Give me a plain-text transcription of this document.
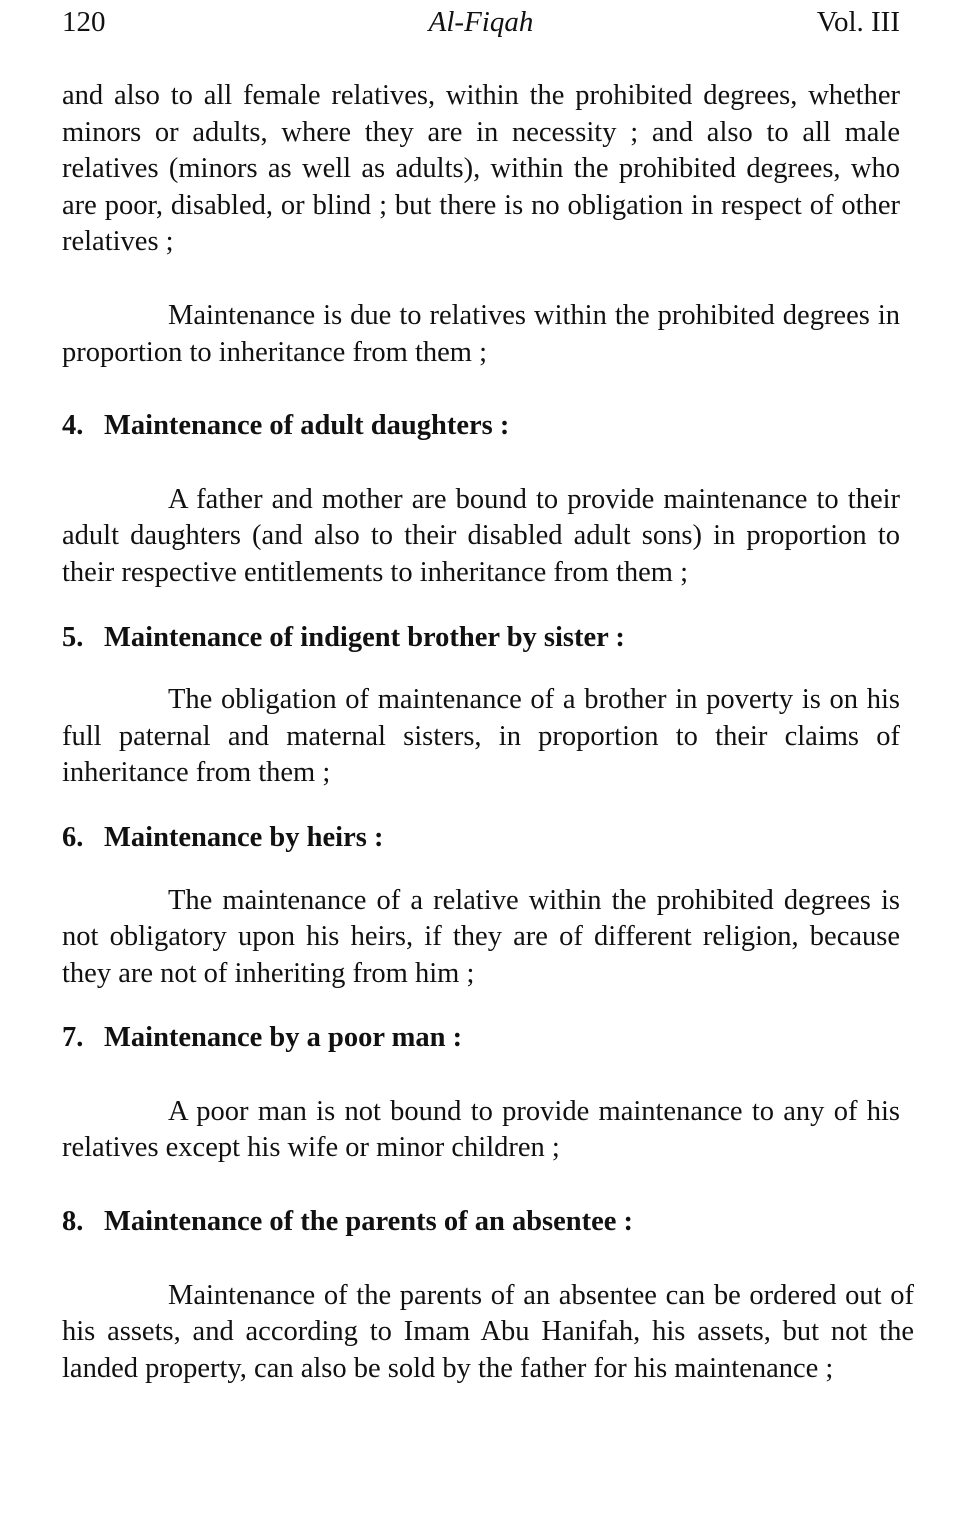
120	Al-Fiqah	Vol. III

and also to all female relatives, within the prohibited degrees, whether minors or adults, where they are in necessity ; and also to all male relatives (minors as well as adults), within the prohibited degrees, who are poor, disabled, or blind ; but there is no obligation in respect of other relatives ;

Maintenance is due to relatives within the prohibited degrees in proportion to inheritance from them ;

4. Maintenance of adult daughters :

A father and mother are bound to provide maintenance to their adult daughters (and also to their disabled adult sons) in proportion to their respective entitlements to inheritance from them ;

5. Maintenance of indigent brother by sister :

The obligation of maintenance of a brother in poverty is on his full paternal and maternal sisters, in proportion to their claims of inheritance from them ;

6. Maintenance by heirs :

The maintenance of a relative within the prohibited degrees is not obligatory upon his heirs, if they are of different religion, because they are not of inheriting from him ;

7. Maintenance by a poor man :

A poor man is not bound to provide maintenance to any of his relatives except his wife or minor children ;

8. Maintenance of the parents of an absentee :

Maintenance of the parents of an absentee can be ordered out of his assets, and according to Imam Abu Hanifah, his assets, but not the landed property, can also be sold by the father for his maintenance ;
